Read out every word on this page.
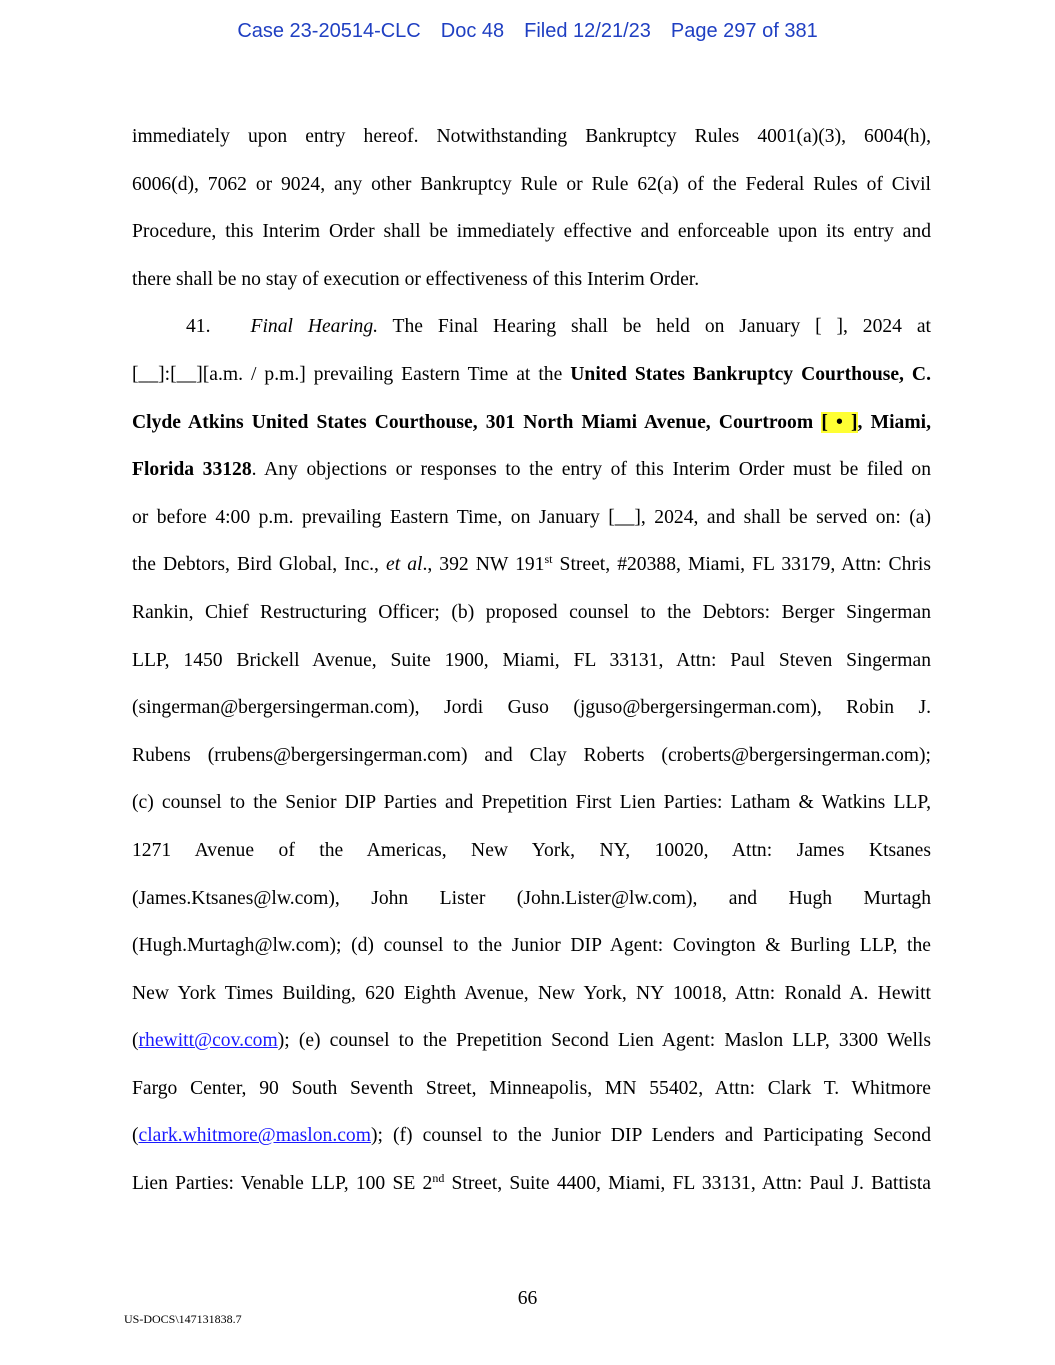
Case 23-20514-CLC Doc 48 Filed 12/21/23 Page 297 of 381
immediately upon entry hereof. Notwithstanding Bankruptcy Rules 4001(a)(3), 6004(h),
6006(d), 7062 or 9024, any other Bankruptcy Rule or Rule 62(a) of the Federal Rules of Civil
Procedure, this Interim Order shall be immediately effective and enforceable upon its entry and
there shall be no stay of execution or effectiveness of this Interim Order.
41. Final Hearing. The Final Hearing shall be held on January [ ], 2024 at
[__]:[__][a.m. / p.m.] prevailing Eastern Time at the United States Bankruptcy Courthouse, C.
Clyde Atkins United States Courthouse, 301 North Miami Avenue, Courtroom [ • ], Miami,
Florida 33128. Any objections or responses to the entry of this Interim Order must be filed on
or before 4:00 p.m. prevailing Eastern Time, on January [__], 2024, and shall be served on: (a)
the Debtors, Bird Global, Inc., et al., 392 NW 191st Street, #20388, Miami, FL 33179, Attn: Chris
Rankin, Chief Restructuring Officer; (b) proposed counsel to the Debtors: Berger Singerman
LLP, 1450 Brickell Avenue, Suite 1900, Miami, FL 33131, Attn: Paul Steven Singerman
(singerman@bergersingerman.com), Jordi Guso (jguso@bergersingerman.com), Robin J.
Rubens (rrubens@bergersingerman.com) and Clay Roberts (croberts@bergersingerman.com);
(c) counsel to the Senior DIP Parties and Prepetition First Lien Parties: Latham & Watkins LLP,
1271 Avenue of the Americas, New York, NY, 10020, Attn: James Ktsanes
(James.Ktsanes@lw.com), John Lister (John.Lister@lw.com), and Hugh Murtagh
(Hugh.Murtagh@lw.com); (d) counsel to the Junior DIP Agent: Covington & Burling LLP, the
New York Times Building, 620 Eighth Avenue, New York, NY 10018, Attn: Ronald A. Hewitt
(rhewitt@cov.com); (e) counsel to the Prepetition Second Lien Agent: Maslon LLP, 3300 Wells
Fargo Center, 90 South Seventh Street, Minneapolis, MN 55402, Attn: Clark T. Whitmore
(clark.whitmore@maslon.com); (f) counsel to the Junior DIP Lenders and Participating Second
Lien Parties: Venable LLP, 100 SE 2nd Street, Suite 4400, Miami, FL 33131, Attn: Paul J. Battista
66
US-DOCS\147131838.7
